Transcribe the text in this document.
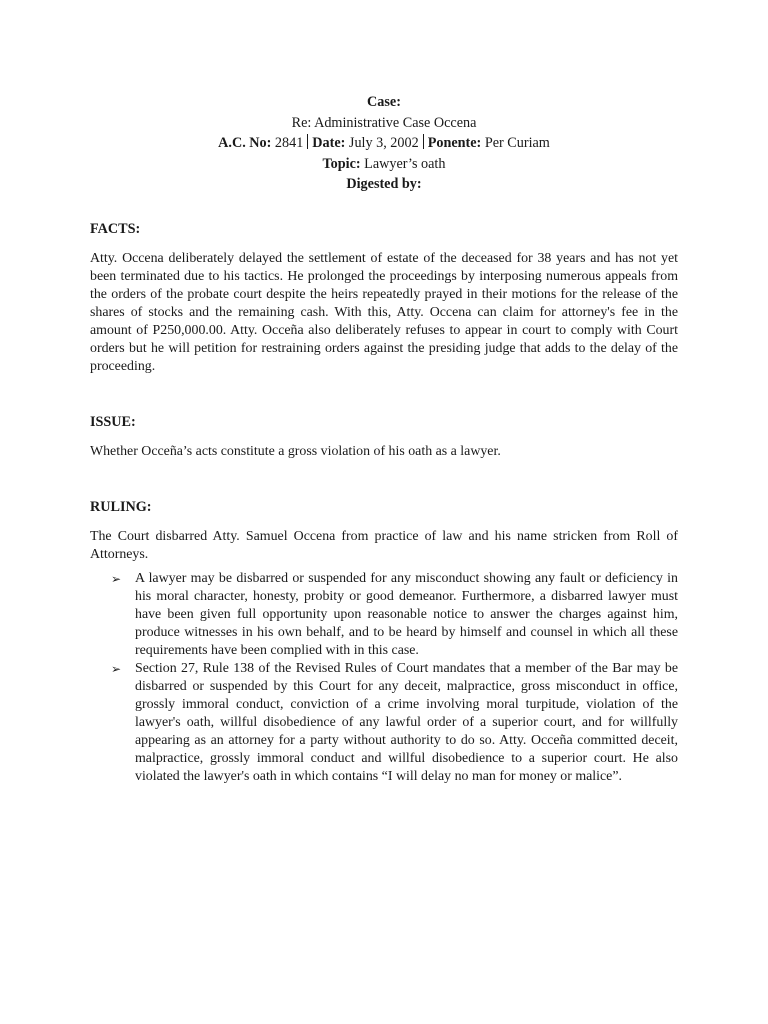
Case:
Re: Administrative Case Occena
A.C. No: 2841 Date: July 3, 2002 Ponente: Per Curiam
Topic: Lawyer’s oath
Digested by:

FACTS:

Atty. Occena deliberately delayed the settlement of estate of the deceased for 38 years and has not yet been terminated due to his tactics. He prolonged the proceedings by interposing numerous appeals from the orders of the probate court despite the heirs repeatedly prayed in their motions for the release of the shares of stocks and the remaining cash. With this, Atty. Occena can claim for attorney's fee in the amount of P250,000.00. Atty. Occeña also deliberately refuses to appear in court to comply with Court orders but he will petition for restraining orders against the presiding judge that adds to the delay of the proceeding.

ISSUE:

Whether Occeña’s acts constitute a gross violation of his oath as a lawyer.

RULING:

The Court disbarred Atty. Samuel Occena from practice of law and his name stricken from Roll of Attorneys.

➢ A lawyer may be disbarred or suspended for any misconduct showing any fault or deficiency in his moral character, honesty, probity or good demeanor. Furthermore, a disbarred lawyer must have been given full opportunity upon reasonable notice to answer the charges against him, produce witnesses in his own behalf, and to be heard by himself and counsel in which all these requirements have been complied with in this case.
➢ Section 27, Rule 138 of the Revised Rules of Court mandates that a member of the Bar may be disbarred or suspended by this Court for any deceit, malpractice, gross misconduct in office, grossly immoral conduct, conviction of a crime involving moral turpitude, violation of the lawyer's oath, willful disobedience of any lawful order of a superior court, and for willfully appearing as an attorney for a party without authority to do so. Atty. Occeña committed deceit, malpractice, grossly immoral conduct and willful disobedience to a superior court. He also violated the lawyer's oath in which contains “I will delay no man for money or malice”.
